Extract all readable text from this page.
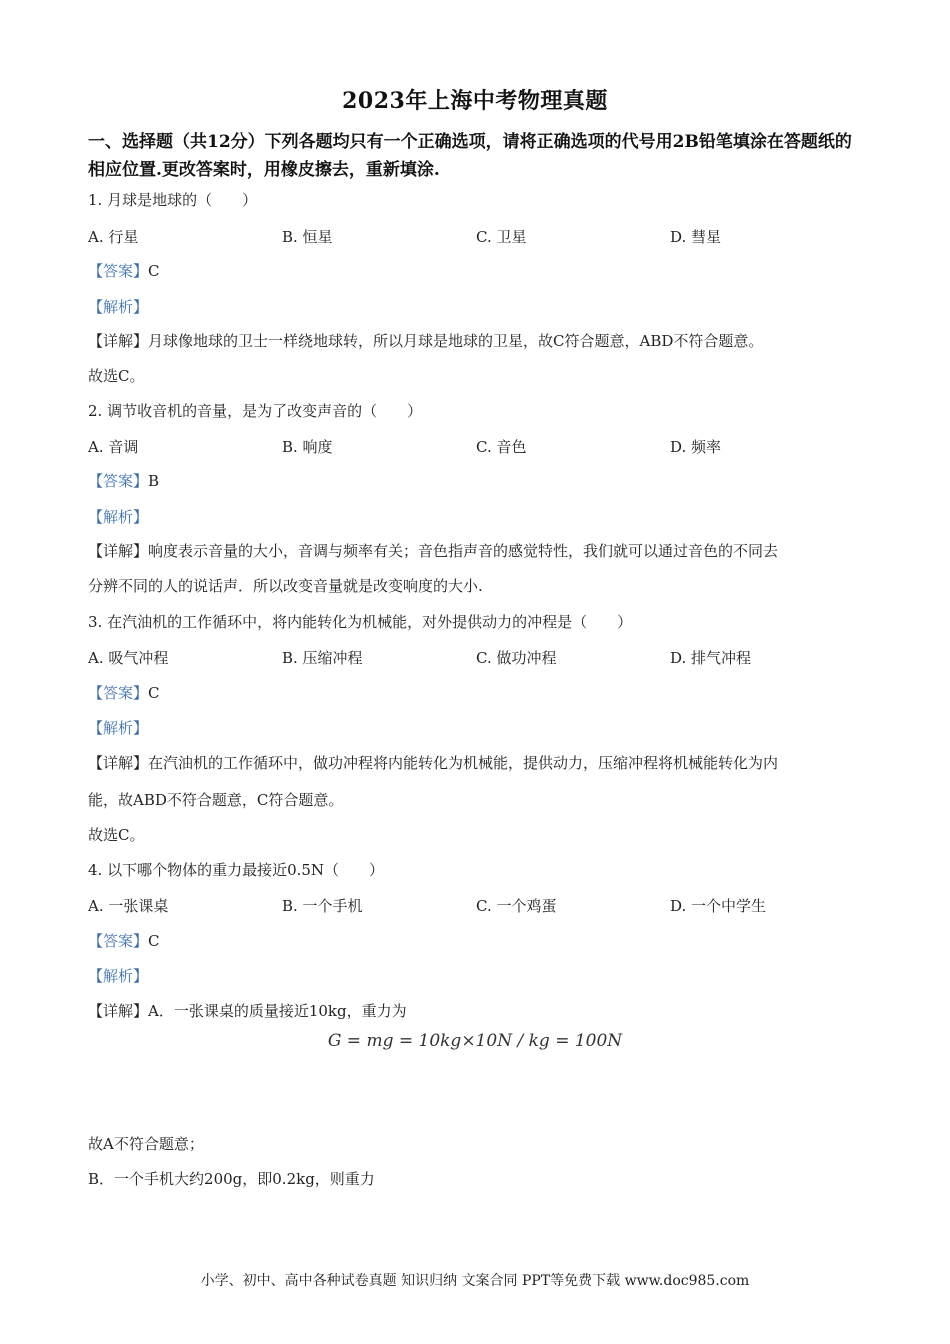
2023年上海中考物理真题
一、选择题（共12分）下列各题均只有一个正确选项，请将正确选项的代号用2B铅笔填涂在答题纸的相应位置.更改答案时，用橡皮擦去，重新填涂.
1. 月球是地球的（　　）
A. 行星	B. 恒星	C. 卫星	D. 彗星
【答案】C
【解析】
【详解】月球像地球的卫士一样绕地球转，所以月球是地球的卫星，故C符合题意，ABD不符合题意。
故选C。
2. 调节收音机的音量，是为了改变声音的（　　）
A. 音调	B. 响度	C. 音色	D. 频率
【答案】B
【解析】
【详解】响度表示音量的大小，音调与频率有关；音色指声音的感觉特性，我们就可以通过音色的不同去
分辨不同的人的说话声．所以改变音量就是改变响度的大小.
3. 在汽油机的工作循环中，将内能转化为机械能，对外提供动力的冲程是（　　）
A. 吸气冲程	B. 压缩冲程	C. 做功冲程	D. 排气冲程
【答案】C
【解析】
【详解】在汽油机的工作循环中，做功冲程将内能转化为机械能，提供动力，压缩冲程将机械能转化为内
能，故ABD不符合题意，C符合题意。
故选C。
4. 以下哪个物体的重力最接近0.5N（　　）
A. 一张课桌	B. 一个手机	C. 一个鸡蛋	D. 一个中学生
【答案】C
【解析】
【详解】A．一张课桌的质量接近10kg，重力为
G = mg = 10kg×10N / kg = 100N
故A不符合题意；
B．一个手机大约200g，即0.2kg，则重力
小学、初中、高中各种试卷真题 知识归纳 文案合同 PPT等免费下载 www.doc985.com
